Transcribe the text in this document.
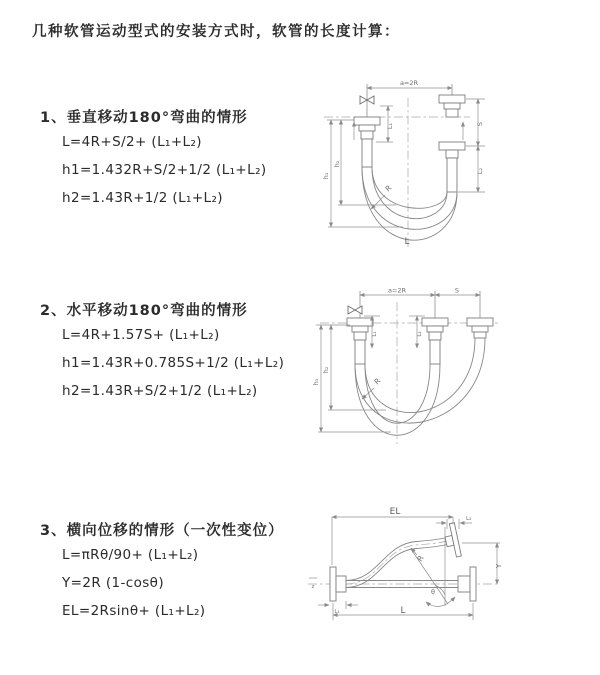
几种软管运动型式的安装方式时，软管的长度计算：
1、垂直移动180°弯曲的情形
L=4R+S/2+ (L₁+L₂)
h1=1.432R+S/2+1/2 (L₁+L₂)
h2=1.43R+1/2 (L₁+L₂)
2、水平移动180°弯曲的情形
L=4R+1.57S+ (L₁+L₂)
h1=1.43R+0.785S+1/2 (L₁+L₂)
h2=1.43R+S/2+1/2 (L₁+L₂)
3、横向位移的情形（一次性变位）
L=πRθ/90+ (L₁+L₂)
Y=2R (1-cosθ)
EL=2Rsinθ+ (L₁+L₂)
a=2R
h₁
h₂
L₁	S
L₂
R
L
a=2R	S
h₁
h₂
L₁	L₂
R
z
θ
R
EL
L₂
Y
L
L₁
